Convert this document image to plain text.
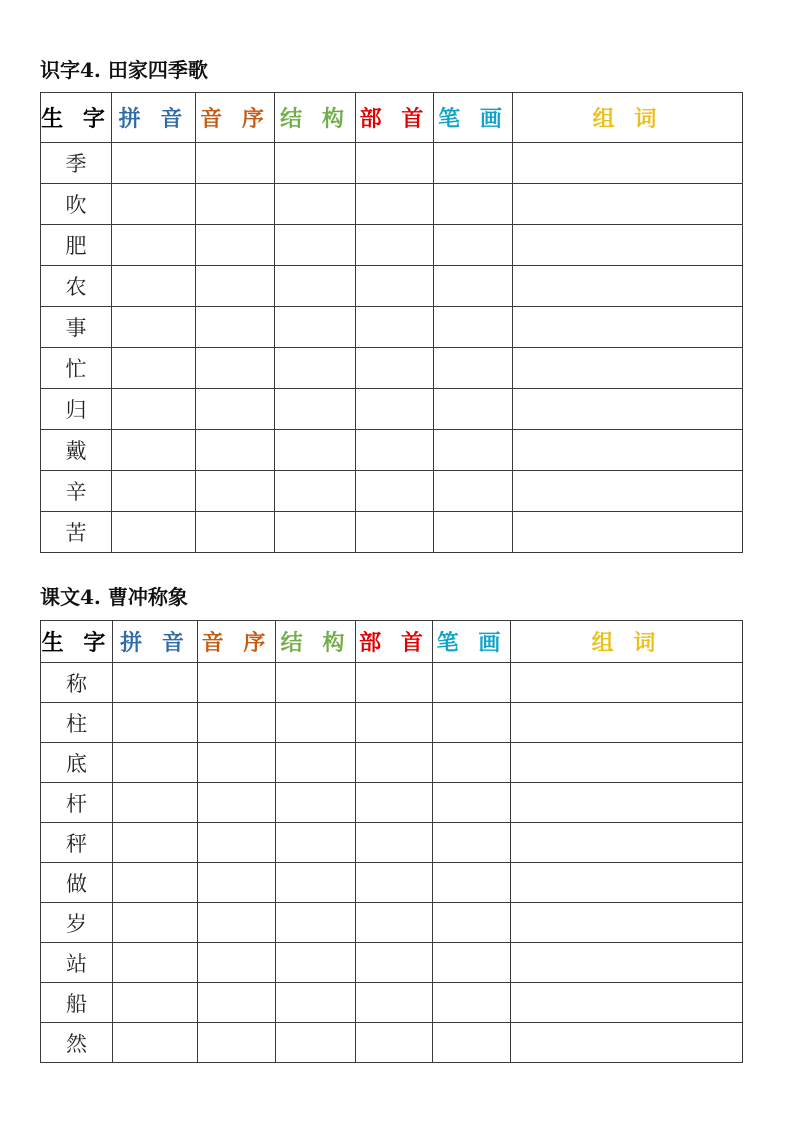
识字4. 田家四季歌
生 字	拼 音	音 序	结 构	部 首	笔 画	组 词
季						
吹						
肥						
农						
事						
忙						
归						
戴						
辛						
苦						
课文4. 曹冲称象
生 字	拼 音	音 序	结 构	部 首	笔 画	组 词
称						
柱						
底						
杆						
秤						
做						
岁						
站						
船						
然						
